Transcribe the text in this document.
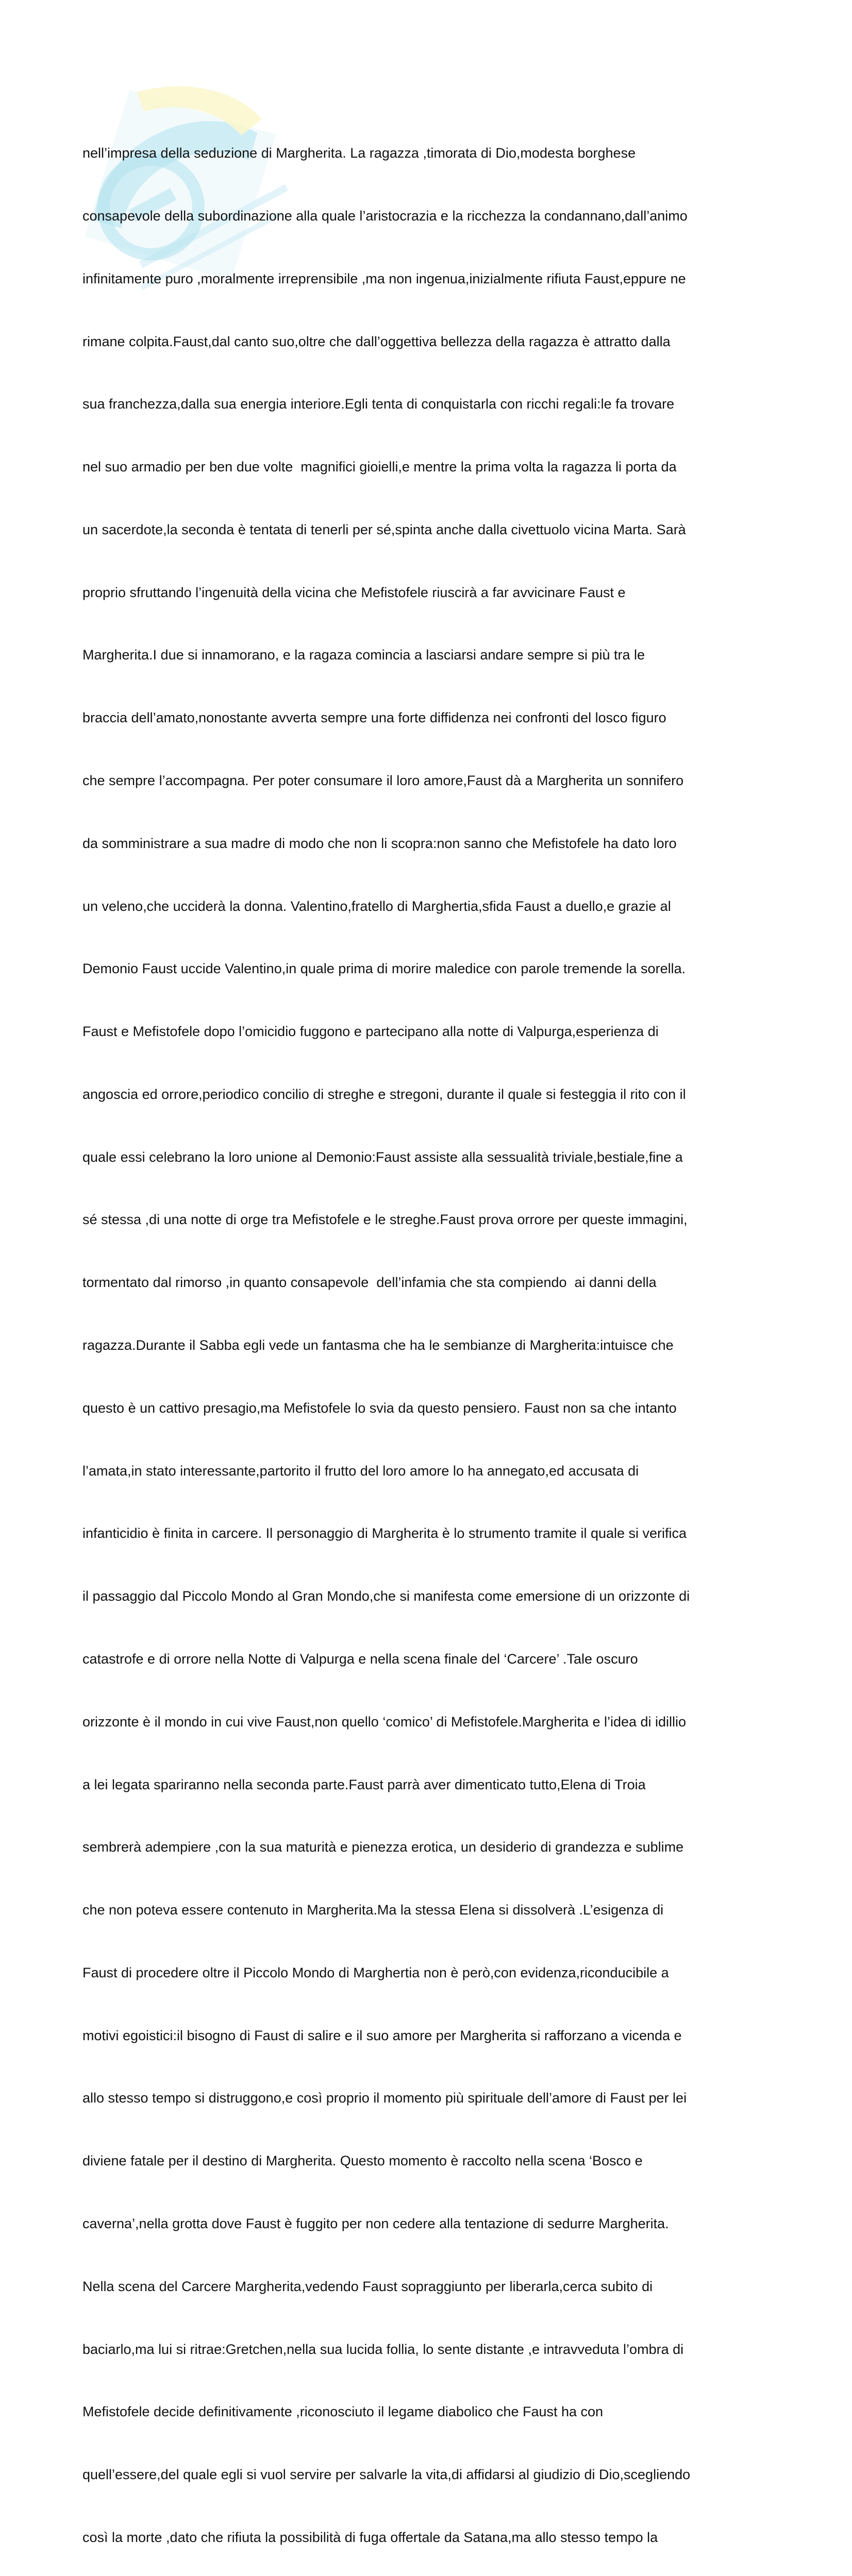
nell’impresa della seduzione di Margherita. La ragazza ,timorata di Dio,modesta borghese

consapevole della subordinazione alla quale l’aristocrazia e la ricchezza la condannano,dall’animo

infinitamente puro ,moralmente irreprensibile ,ma non ingenua,inizialmente rifiuta Faust,eppure ne

rimane colpita.Faust,dal canto suo,oltre che dall’oggettiva bellezza della ragazza è attratto dalla

sua franchezza,dalla sua energia interiore.Egli tenta di conquistarla con ricchi regali:le fa trovare

nel suo armadio per ben due volte  magnifici gioielli,e mentre la prima volta la ragazza li porta da

un sacerdote,la seconda è tentata di tenerli per sé,spinta anche dalla civettuolo vicina Marta. Sarà

proprio sfruttando l’ingenuità della vicina che Mefistofele riuscirà a far avvicinare Faust e

Margherita.I due si innamorano, e la ragaza comincia a lasciarsi andare sempre si più tra le

braccia dell’amato,nonostante avverta sempre una forte diffidenza nei confronti del losco figuro

che sempre l’accompagna. Per poter consumare il loro amore,Faust dà a Margherita un sonnifero

da somministrare a sua madre di modo che non li scopra:non sanno che Mefistofele ha dato loro

un veleno,che ucciderà la donna. Valentino,fratello di Marghertia,sfida Faust a duello,e grazie al

Demonio Faust uccide Valentino,in quale prima di morire maledice con parole tremende la sorella.

Faust e Mefistofele dopo l’omicidio fuggono e partecipano alla notte di Valpurga,esperienza di

angoscia ed orrore,periodico concilio di streghe e stregoni, durante il quale si festeggia il rito con il

quale essi celebrano la loro unione al Demonio:Faust assiste alla sessualità triviale,bestiale,fine a

sé stessa ,di una notte di orge tra Mefistofele e le streghe.Faust prova orrore per queste immagini,

tormentato dal rimorso ,in quanto consapevole  dell’infamia che sta compiendo  ai danni della

ragazza.Durante il Sabba egli vede un fantasma che ha le sembianze di Margherita:intuisce che

questo è un cattivo presagio,ma Mefistofele lo svia da questo pensiero. Faust non sa che intanto

l’amata,in stato interessante,partorito il frutto del loro amore lo ha annegato,ed accusata di

infanticidio è finita in carcere. Il personaggio di Margherita è lo strumento tramite il quale si verifica

il passaggio dal Piccolo Mondo al Gran Mondo,che si manifesta come emersione di un orizzonte di

catastrofe e di orrore nella Notte di Valpurga e nella scena finale del ‘Carcere’ .Tale oscuro

orizzonte è il mondo in cui vive Faust,non quello ‘comico’ di Mefistofele.Margherita e l’idea di idillio

a lei legata spariranno nella seconda parte.Faust parrà aver dimenticato tutto,Elena di Troia

sembrerà adempiere ,con la sua maturità e pienezza erotica, un desiderio di grandezza e sublime

che non poteva essere contenuto in Margherita.Ma la stessa Elena si dissolverà .L’esigenza di

Faust di procedere oltre il Piccolo Mondo di Marghertia non è però,con evidenza,riconducibile a

motivi egoistici:il bisogno di Faust di salire e il suo amore per Margherita si rafforzano a vicenda e

allo stesso tempo si distruggono,e così proprio il momento più spirituale dell’amore di Faust per lei

diviene fatale per il destino di Margherita. Questo momento è raccolto nella scena ‘Bosco e

caverna’,nella grotta dove Faust è fuggito per non cedere alla tentazione di sedurre Margherita.

Nella scena del Carcere Margherita,vedendo Faust sopraggiunto per liberarla,cerca subito di

baciarlo,ma lui si ritrae:Gretchen,nella sua lucida follia, lo sente distante ,e intravveduta l’ombra di

Mefistofele decide definitivamente ,riconosciuto il legame diabolico che Faust ha con

quell’essere,del quale egli si vuol servire per salvarle la vita,di affidarsi al giudizio di Dio,scegliendo

così la morte ,dato che rifiuta la possibilità di fuga offertale da Satana,ma allo stesso tempo la
